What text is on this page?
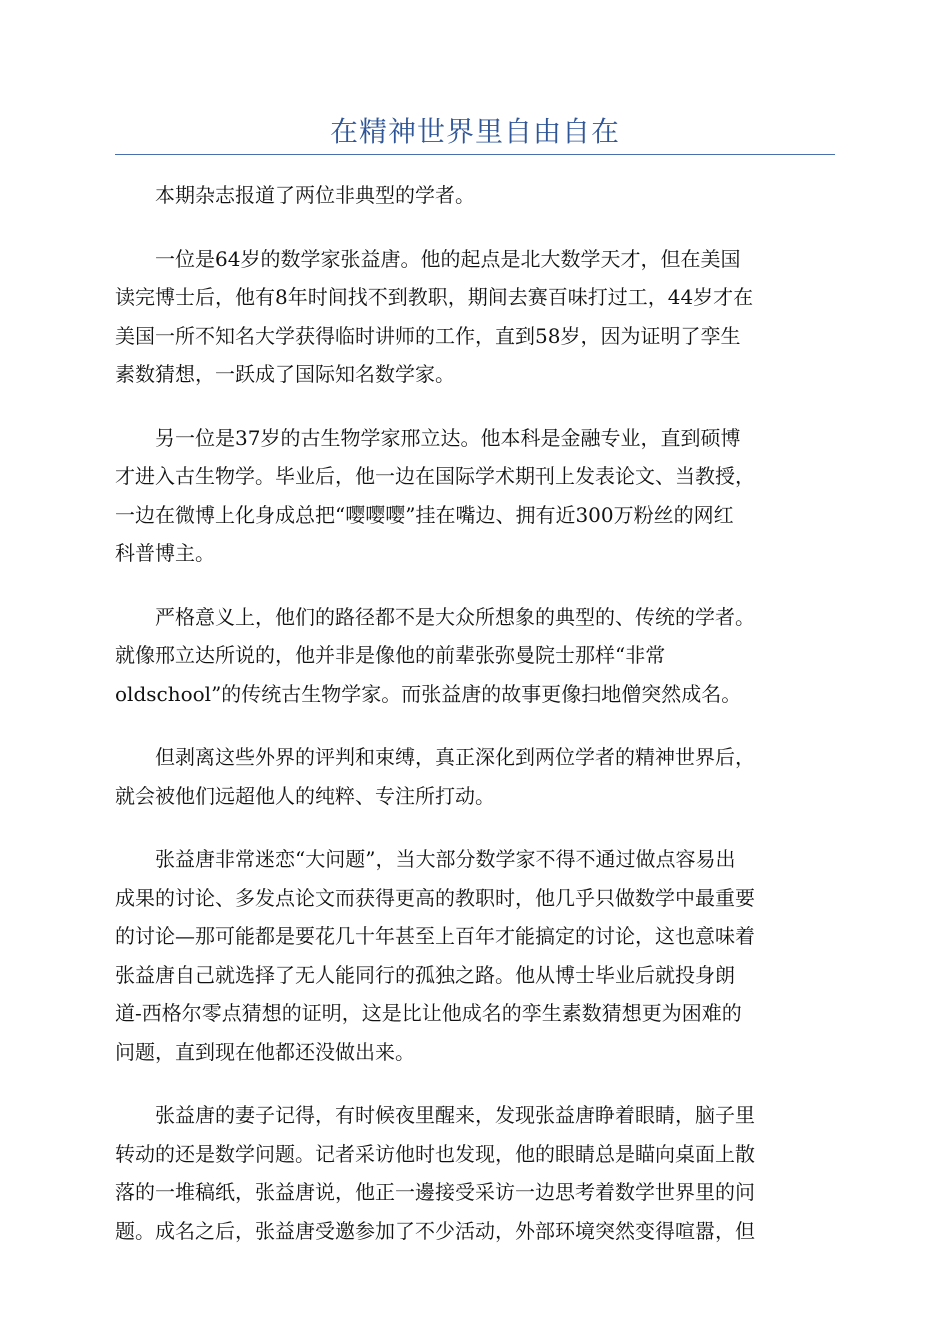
在精神世界里自由自在

本期杂志报道了两位非典型的学者。

一位是64岁的数学家张益唐。他的起点是北大数学天才，但在美国
读完博士后，他有8年时间找不到教职，期间去赛百味打过工，44岁才在
美国一所不知名大学获得临时讲师的工作，直到58岁，因为证明了孪生
素数猜想，一跃成了国际知名数学家。

另一位是37岁的古生物学家邢立达。他本科是金融专业，直到硕博
才进入古生物学。毕业后，他一边在国际学术期刊上发表论文、当教授，
一边在微博上化身成总把“嘤嘤嘤”挂在嘴边、拥有近300万粉丝的网红
科普博主。

严格意义上，他们的路径都不是大众所想象的典型的、传统的学者。
就像邢立达所说的，他并非是像他的前辈张弥曼院士那样“非常
oldschool”的传统古生物学家。而张益唐的故事更像扫地僧突然成名。

但剥离这些外界的评判和束缚，真正深化到两位学者的精神世界后，
就会被他们远超他人的纯粹、专注所打动。

张益唐非常迷恋“大问题”，当大部分数学家不得不通过做点容易出
成果的讨论、多发点论文而获得更高的教职时，他几乎只做数学中最重要
的讨论—那可能都是要花几十年甚至上百年才能搞定的讨论，这也意味着
张益唐自己就选择了无人能同行的孤独之路。他从博士毕业后就投身朗
道-西格尔零点猜想的证明，这是比让他成名的孪生素数猜想更为困难的
问题，直到现在他都还没做出来。

张益唐的妻子记得，有时候夜里醒来，发现张益唐睁着眼睛，脑子里
转动的还是数学问题。记者采访他时也发现，他的眼睛总是瞄向桌面上散
落的一堆稿纸，张益唐说，他正一邊接受采访一边思考着数学世界里的问
题。成名之后，张益唐受邀参加了不少活动，外部环境突然变得喧嚣，但
